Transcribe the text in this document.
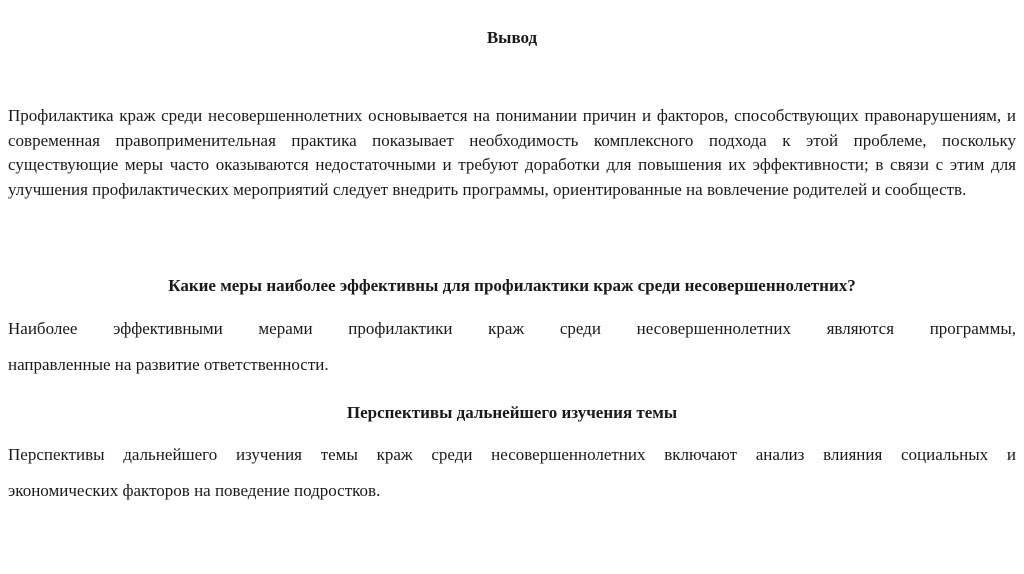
Вывод

Профилактика краж среди несовершеннолетних основывается на понимании причин и факторов, способствующих правонарушениям, и современная правоприменительная практика показывает необходимость комплексного подхода к этой проблеме, поскольку существующие меры часто оказываются недостаточными и требуют доработки для повышения их эффективности; в связи с этим для улучшения профилактических мероприятий следует внедрить программы, ориентированные на вовлечение родителей и сообществ.

Какие меры наиболее эффективны для профилактики краж среди несовершеннолетних?
Наиболее эффективными мерами профилактики краж среди несовершеннолетних являются программы,
направленные на развитие ответственности.
Перспективы дальнейшего изучения темы
Перспективы дальнейшего изучения темы краж среди несовершеннолетних включают анализ влияния социальных и
экономических факторов на поведение подростков.
